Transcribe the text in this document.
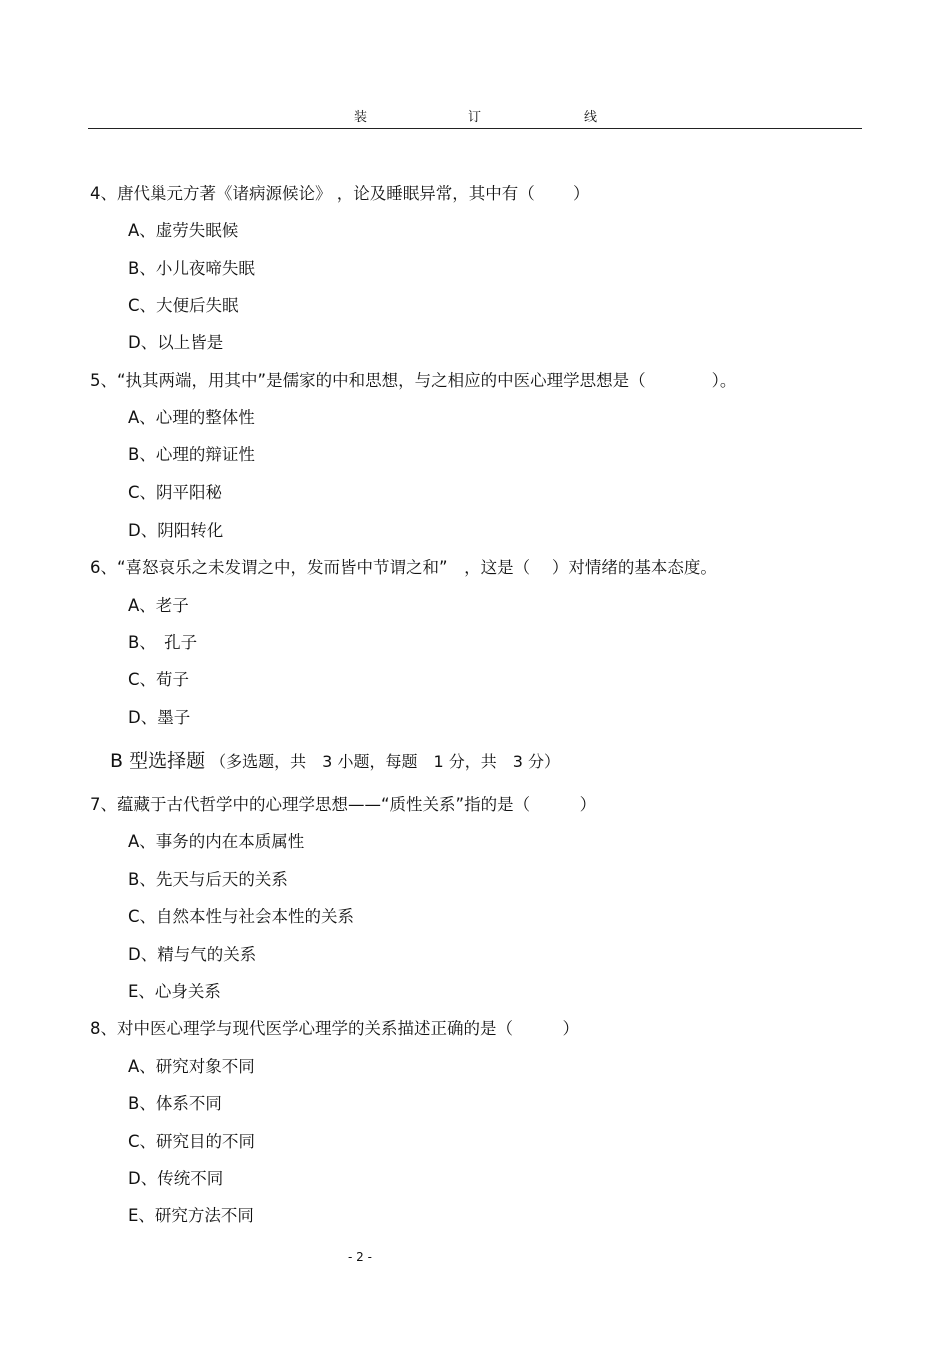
装	订	线
4、唐代巢元方著《诸病源候论》 ，论及睡眠异常，其中有（　　 ）
A、虚劳失眠候
B、小儿夜啼失眠
C、大便后失眠
D、以上皆是
5、“执其两端，用其中”是儒家的中和思想，与之相应的中医心理学思想是（　　　　）。
A、心理的整体性
B、心理的辩证性
C、阴平阳秘
D、阴阳转化
6、“喜怒哀乐之未发谓之中，发而皆中节谓之和”　，这是（　 ）对情绪的基本态度。
A、老子
B、　孔子
C、荀子
D、墨子
B 型选择题 （多选题，共　3 小题，每题　1 分，共　3 分）
7、蕴藏于古代哲学中的心理学思想——“质性关系”指的是（　　　）
A、事务的内在本质属性
B、先天与后天的关系
C、自然本性与社会本性的关系
D、精与气的关系
E、心身关系
8、对中医心理学与现代医学心理学的关系描述正确的是（　　　）
A、研究对象不同
B、体系不同
C、研究目的不同
D、传统不同
E、研究方法不同
- 2 -
